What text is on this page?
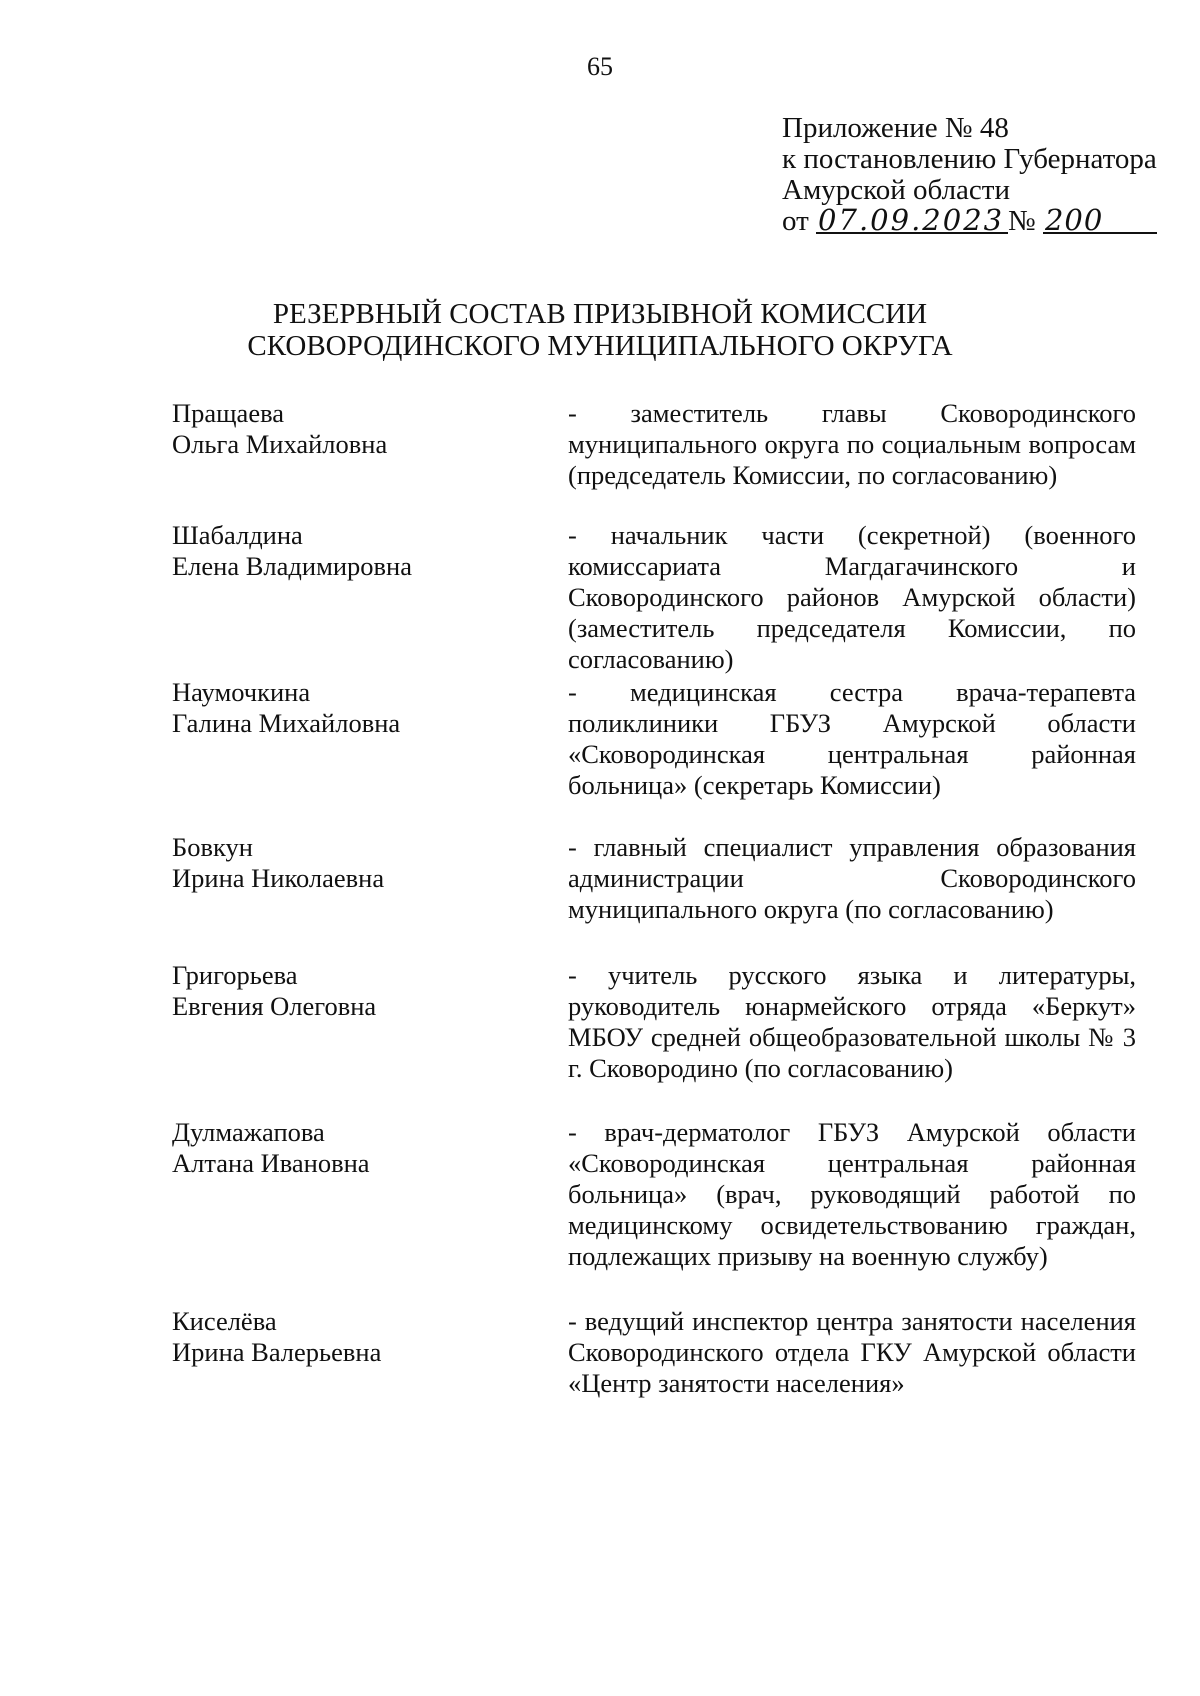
65
Приложение № 48
к постановлению Губернатора
Амурской области
от 07.09.2023 № 200
РЕЗЕРВНЫЙ СОСТАВ ПРИЗЫВНОЙ КОМИССИИ
СКОВОРОДИНСКОГО МУНИЦИПАЛЬНОГО ОКРУГА
Пращаева
Ольга Михайловна
- заместитель главы Сковородинского муниципального округа по социальным вопросам (председатель Комиссии, по согласованию)
Шабалдина
Елена Владимировна
- начальник части (секретной) (военного комиссариата Магдагачинского и Сковородинского районов Амурской области) (заместитель председателя Комиссии, по согласованию)
Наумочкина
Галина Михайловна
- медицинская сестра врача-терапевта поликлиники ГБУЗ Амурской области «Сковородинская центральная районная больница» (секретарь Комиссии)
Бовкун
Ирина Николаевна
- главный специалист управления образования администрации Сковородинского муниципального округа (по согласованию)
Григорьева
Евгения Олеговна
- учитель русского языка и литературы, руководитель юнармейского отряда «Беркут» МБОУ средней общеобразовательной школы № 3 г. Сковородино (по согласованию)
Дулмажапова
Алтана Ивановна
- врач-дерматолог ГБУЗ Амурской области «Сковородинская центральная районная больница» (врач, руководящий работой по медицинскому освидетельствованию граждан, подлежащих призыву на военную службу)
Киселёва
Ирина Валерьевна
- ведущий инспектор центра занятости населения Сковородинского отдела ГКУ Амурской области «Центр занятости населения»
